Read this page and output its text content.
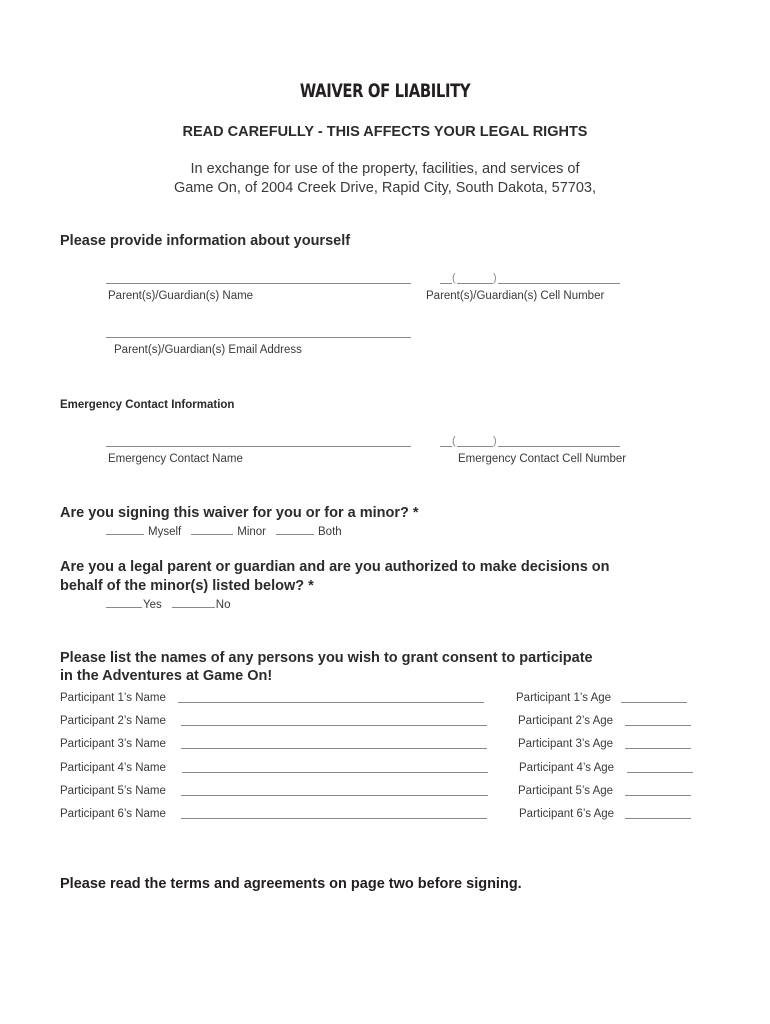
WAIVER OF LIABILITY
READ CAREFULLY - THIS AFFECTS YOUR LEGAL RIGHTS
In exchange for use of the property, facilities, and services of
Game On, of 2004 Creek Drive, Rapid City, South Dakota, 57703,
Please provide information about yourself
Parent(s)/Guardian(s) Name
(	)
Parent(s)/Guardian(s) Cell Number
Parent(s)/Guardian(s) Email Address
Emergency Contact Information
Emergency Contact Name
(	)
Emergency Contact Cell Number
Are you signing this waiver for you or for a minor? *
Myself	Minor	Both
Are you a legal parent or guardian and are you authorized to make decisions on
behalf of the minor(s) listed below? *
Yes	No
Please list the names of any persons you wish to grant consent to participate
in the Adventures at Game On!
Participant 1’s Name	Participant 1’s Age
Participant 2’s Name	Participant 2’s Age
Participant 3’s Name	Participant 3’s Age
Participant 4’s Name	Participant 4’s Age
Participant 5’s Name	Participant 5’s Age
Participant 6’s Name	Participant 6’s Age
Please read the terms and agreements on page two before signing.
